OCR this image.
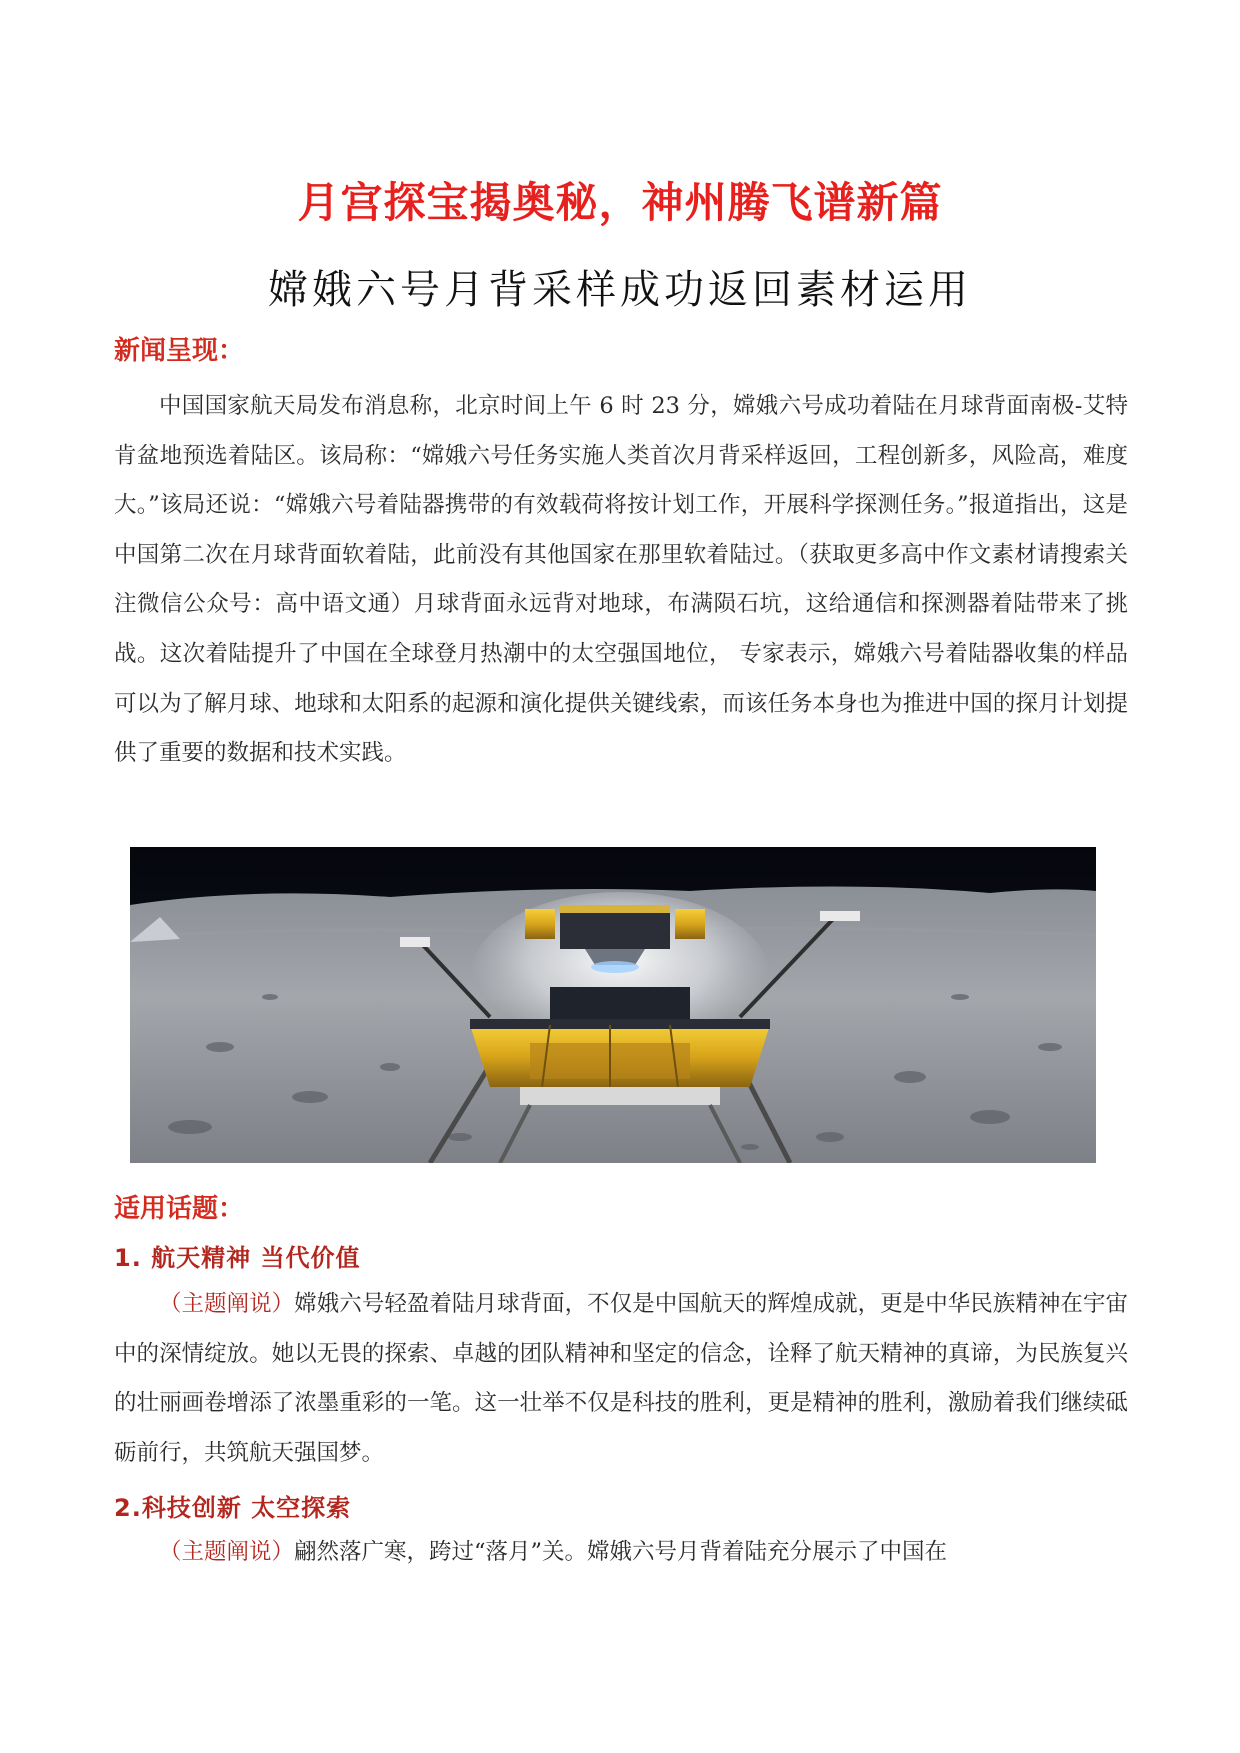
月宫探宝揭奥秘，神州腾飞谱新篇
嫦娥六号月背采样成功返回素材运用
新闻呈现：
中国国家航天局发布消息称，北京时间上午 6 时 23 分，嫦娥六号成功着陆在月球背面南极-艾特肯盆地预选着陆区。该局称：“嫦娥六号任务实施人类首次月背采样返回，工程创新多，风险高，难度大。”该局还说：“嫦娥六号着陆器携带的有效载荷将按计划工作，开展科学探测任务。”报道指出，这是中国第二次在月球背面软着陆，此前没有其他国家在那里软着陆过。（获取更多高中作文素材请搜索关注微信公众号：高中语文通）月球背面永远背对地球，布满陨石坑，这给通信和探测器着陆带来了挑战。这次着陆提升了中国在全球登月热潮中的太空强国地位， 专家表示，嫦娥六号着陆器收集的样品可以为了解月球、地球和太阳系的起源和演化提供关键线索，而该任务本身也为推进中国的探月计划提供了重要的数据和技术实践。
适用话题：
1. 航天精神 当代价值
（主题阐说）嫦娥六号轻盈着陆月球背面，不仅是中国航天的辉煌成就，更是中华民族精神在宇宙中的深情绽放。她以无畏的探索、卓越的团队精神和坚定的信念，诠释了航天精神的真谛，为民族复兴的壮丽画卷增添了浓墨重彩的一笔。这一壮举不仅是科技的胜利，更是精神的胜利，激励着我们继续砥砺前行，共筑航天强国梦。
2.科技创新 太空探索
（主题阐说）翩然落广寒，跨过“落月”关。嫦娥六号月背着陆充分展示了中国在
